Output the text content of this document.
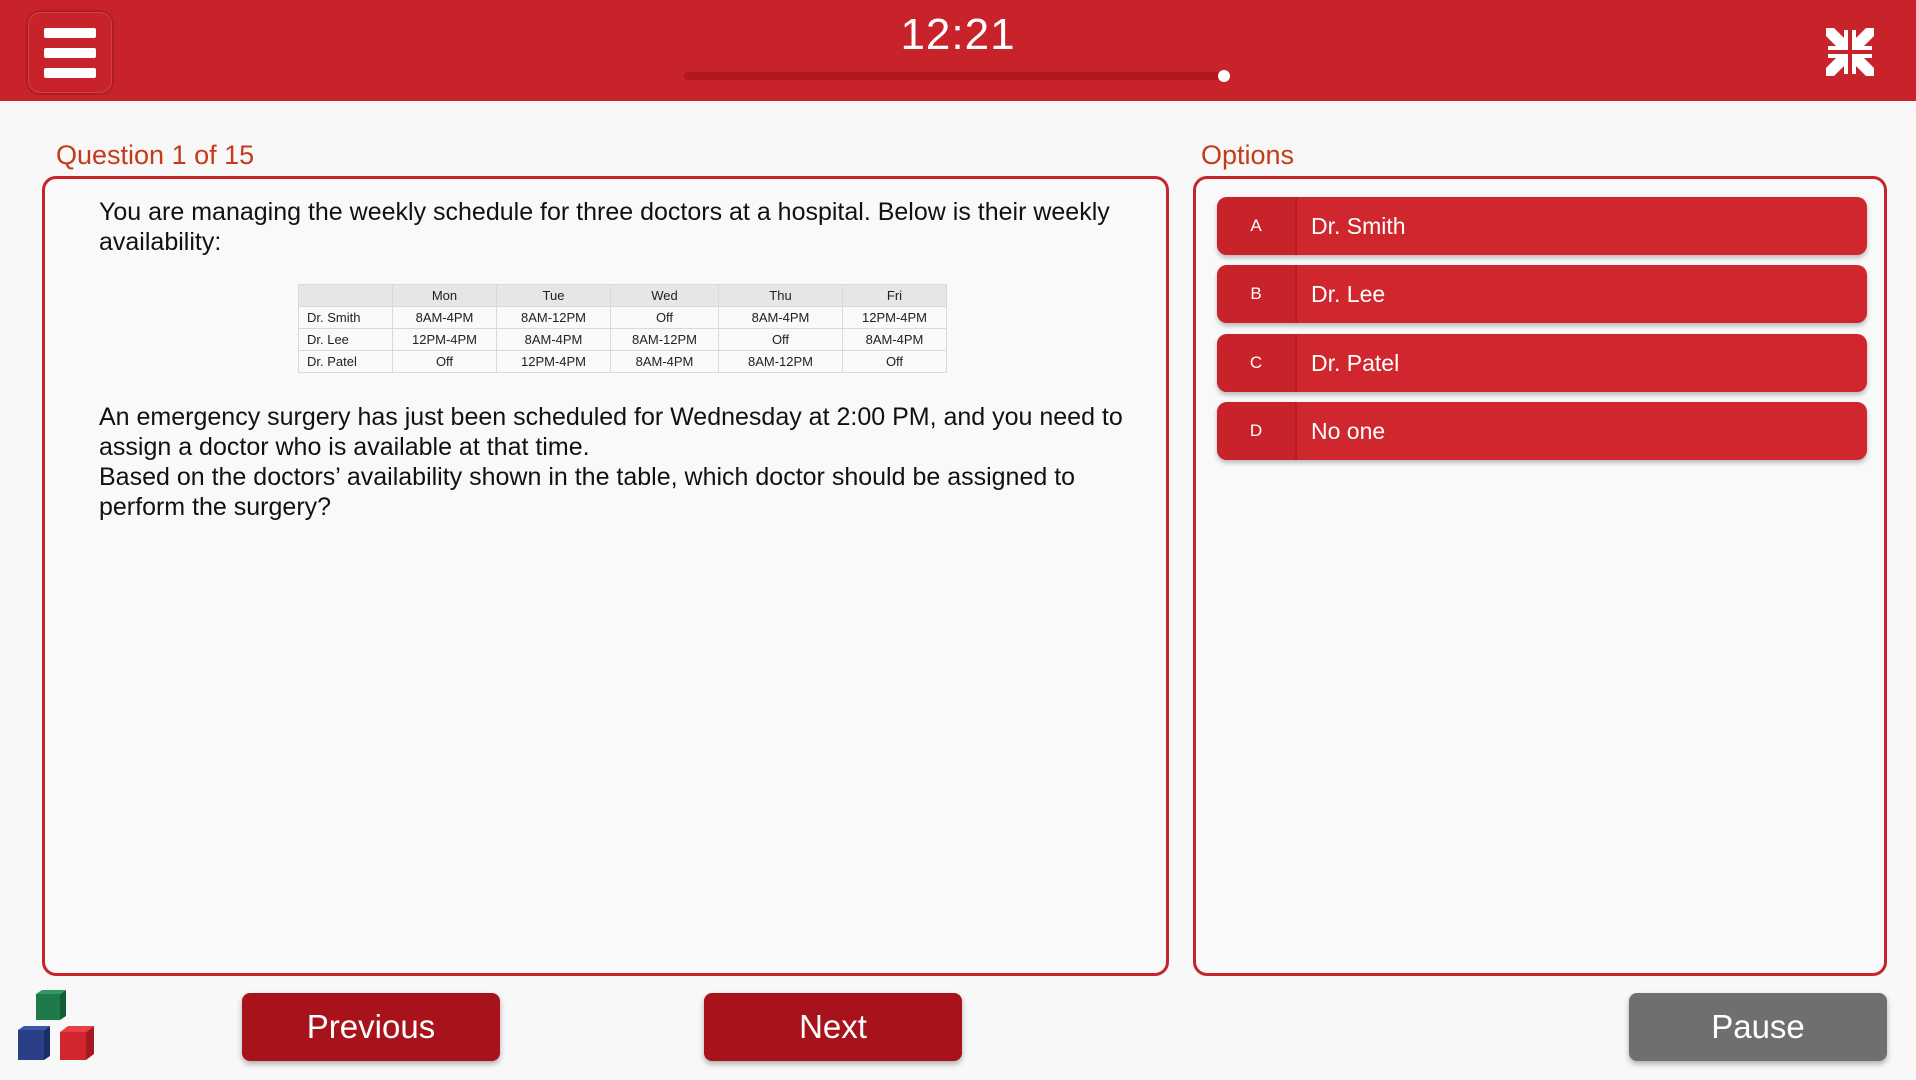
12:21
Question 1 of 15

You are managing the weekly schedule for three doctors at a hospital. Below is their weekly availability:

	Mon	Tue	Wed	Thu	Fri
Dr. Smith	8AM-4PM	8AM-12PM	Off	8AM-4PM	12PM-4PM
Dr. Lee	12PM-4PM	8AM-4PM	8AM-12PM	Off	8AM-4PM
Dr. Patel	Off	12PM-4PM	8AM-4PM	8AM-12PM	Off

An emergency surgery has just been scheduled for Wednesday at 2:00 PM, and you need to assign a doctor who is available at that time.

Based on the doctors’ availability shown in the table, which doctor should be assigned to perform the surgery?

Options
A	Dr. Smith
B	Dr. Lee
C	Dr. Patel
D	No one
Previous	Next	Pause
